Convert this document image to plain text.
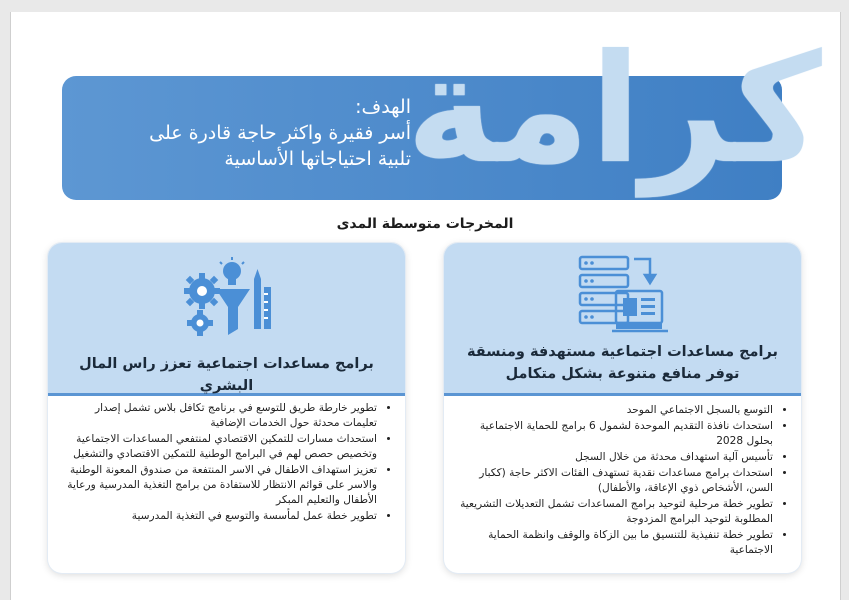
كرامة
الهدف:
أسر فقيرة واكثر حاجة قادرة على
تلبية احتياجاتها الأساسية
المخرجات متوسطة المدى
برامج مساعدات اجتماعية تعزز راس المال البشري
• تطوير خارطة طريق للتوسع في برنامج تكافل بلاس تشمل إصدار تعليمات محدثة حول الخدمات الإضافية
• استحداث مسارات للتمكين الاقتصادي لمنتفعي المساعدات الاجتماعية وتخصيص حصص لهم في البرامج الوطنية للتمكين الاقتصادي والتشغيل
• تعزيز استهداف الاطفال في الاسر المنتفعة من صندوق المعونة الوطنية والاسر على قوائم الانتظار للاستفادة من برامج التغذية المدرسية ورعاية الأطفال والتعليم المبكر
• تطوير خطة عمل لمأسسة والتوسع في التغذية المدرسية
برامج مساعدات اجتماعية مستهدفة ومنسقة
توفر منافع متنوعة بشكل متكامل
• التوسع بالسجل الاجتماعي الموحد
• استحداث نافذة التقديم الموحدة لشمول 6 برامج للحماية الاجتماعية بحلول 2028
• تأسيس آلية استهداف محدثة من خلال السجل
• استحداث برامج مساعدات نقدية تستهدف الفئات الاكثر حاجة (ككبار السن، الأشخاص ذوي الإعاقة، والأطفال)
• تطوير خطة مرحلية لتوحيد برامج المساعدات تشمل التعديلات التشريعية المطلوبة لتوحيد البرامج المزدوجة
• تطوير خطة تنفيذية للتنسيق ما بين الزكاة والوقف وانظمة الحماية الاجتماعية
